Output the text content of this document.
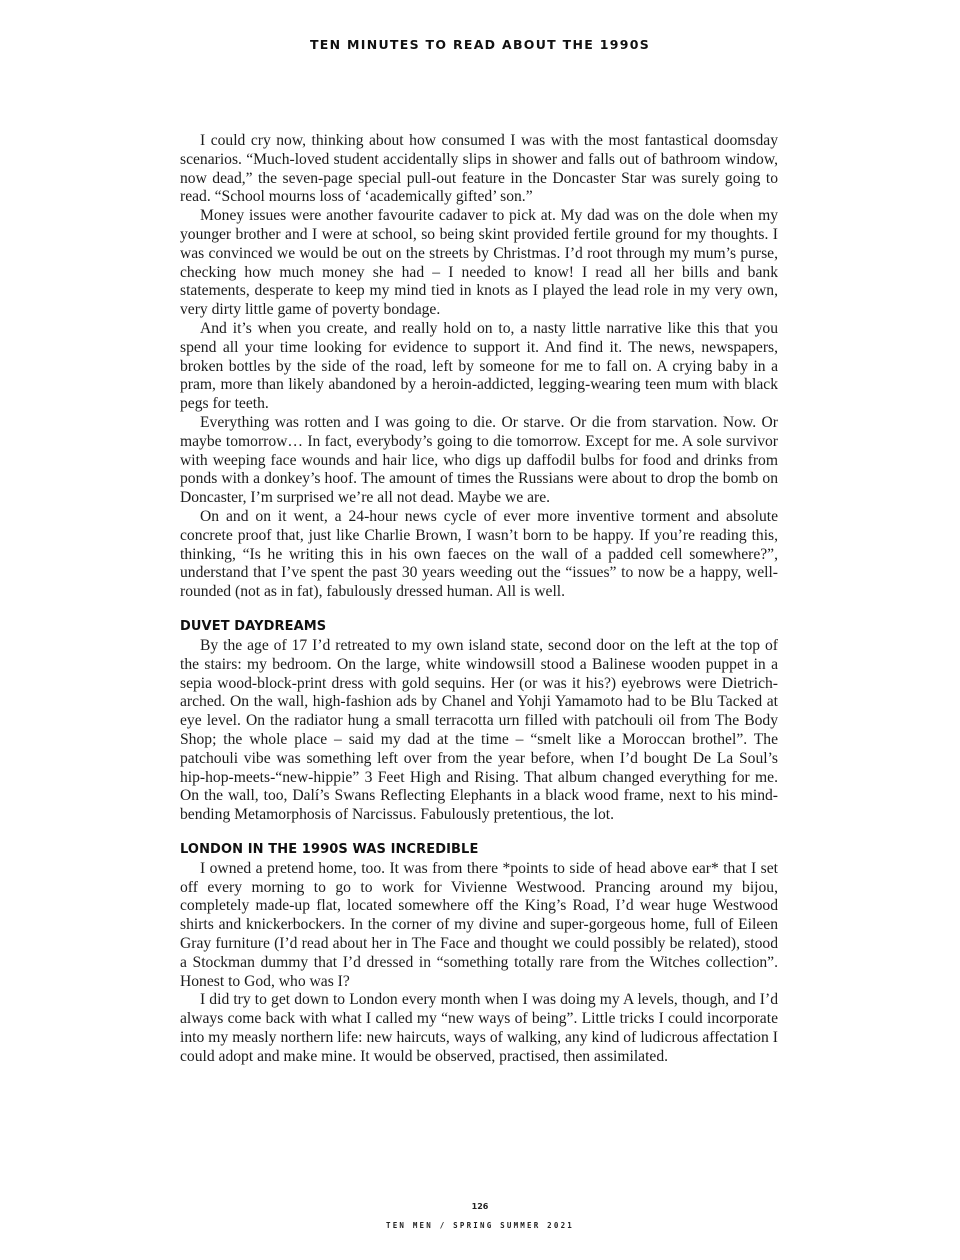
TEN MINUTES TO READ ABOUT THE 1990S

I could cry now, thinking about how consumed I was with the most fantastical doomsday scenarios. “Much-loved student accidentally slips in shower and falls out of bathroom window, now dead,” the seven-page special pull-out feature in the Doncaster Star was surely going to read. “School mourns loss of ‘academically gifted’ son.”

Money issues were another favourite cadaver to pick at. My dad was on the dole when my younger brother and I were at school, so being skint provided fertile ground for my thoughts. I was convinced we would be out on the streets by Christmas. I’d root through my mum’s purse, checking how much money she had – I needed to know! I read all her bills and bank statements, desperate to keep my mind tied in knots as I played the lead role in my very own, very dirty little game of poverty bondage.

And it’s when you create, and really hold on to, a nasty little narrative like this that you spend all your time looking for evidence to support it. And find it. The news, newspapers, broken bottles by the side of the road, left by someone for me to fall on. A crying baby in a pram, more than likely abandoned by a heroin-addicted, legging-wearing teen mum with black pegs for teeth.

Everything was rotten and I was going to die. Or starve. Or die from starvation. Now. Or maybe tomorrow… In fact, everybody’s going to die tomorrow. Except for me. A sole survivor with weeping face wounds and hair lice, who digs up daffodil bulbs for food and drinks from ponds with a donkey’s hoof. The amount of times the Russians were about to drop the bomb on Doncaster, I’m surprised we’re all not dead. Maybe we are.

On and on it went, a 24-hour news cycle of ever more inventive torment and absolute concrete proof that, just like Charlie Brown, I wasn’t born to be happy. If you’re reading this, thinking, “Is he writing this in his own faeces on the wall of a padded cell somewhere?”, understand that I’ve spent the past 30 years weeding out the “issues” to now be a happy, well-rounded (not as in fat), fabulously dressed human. All is well.

DUVET DAYDREAMS

By the age of 17 I’d retreated to my own island state, second door on the left at the top of the stairs: my bedroom. On the large, white windowsill stood a Balinese wooden puppet in a sepia wood-block-print dress with gold sequins. Her (or was it his?) eyebrows were Dietrich-arched. On the wall, high-fashion ads by Chanel and Yohji Yamamoto had to be Blu Tacked at eye level. On the radiator hung a small terracotta urn filled with patchouli oil from The Body Shop; the whole place – said my dad at the time – “smelt like a Moroccan brothel”. The patchouli vibe was something left over from the year before, when I’d bought De La Soul’s hip-hop-meets-“new-hippie” 3 Feet High and Rising. That album changed everything for me. On the wall, too, Dalí’s Swans Reflecting Elephants in a black wood frame, next to his mind-bending Metamorphosis of Narcissus. Fabulously pretentious, the lot.

LONDON IN THE 1990S WAS INCREDIBLE

I owned a pretend home, too. It was from there *points to side of head above ear* that I set off every morning to go to work for Vivienne Westwood. Prancing around my bijou, completely made-up flat, located somewhere off the King’s Road, I’d wear huge Westwood shirts and knickerbockers. In the corner of my divine and super-gorgeous home, full of Eileen Gray furniture (I’d read about her in The Face and thought we could possibly be related), stood a Stockman dummy that I’d dressed in “something totally rare from the Witches collection”. Honest to God, who was I?

I did try to get down to London every month when I was doing my A levels, though, and I’d always come back with what I called my “new ways of being”. Little tricks I could incorporate into my measly northern life: new haircuts, ways of walking, any kind of ludicrous affectation I could adopt and make mine. It would be observed, practised, then assimilated.

126
TEN MEN / SPRING SUMMER 2021
